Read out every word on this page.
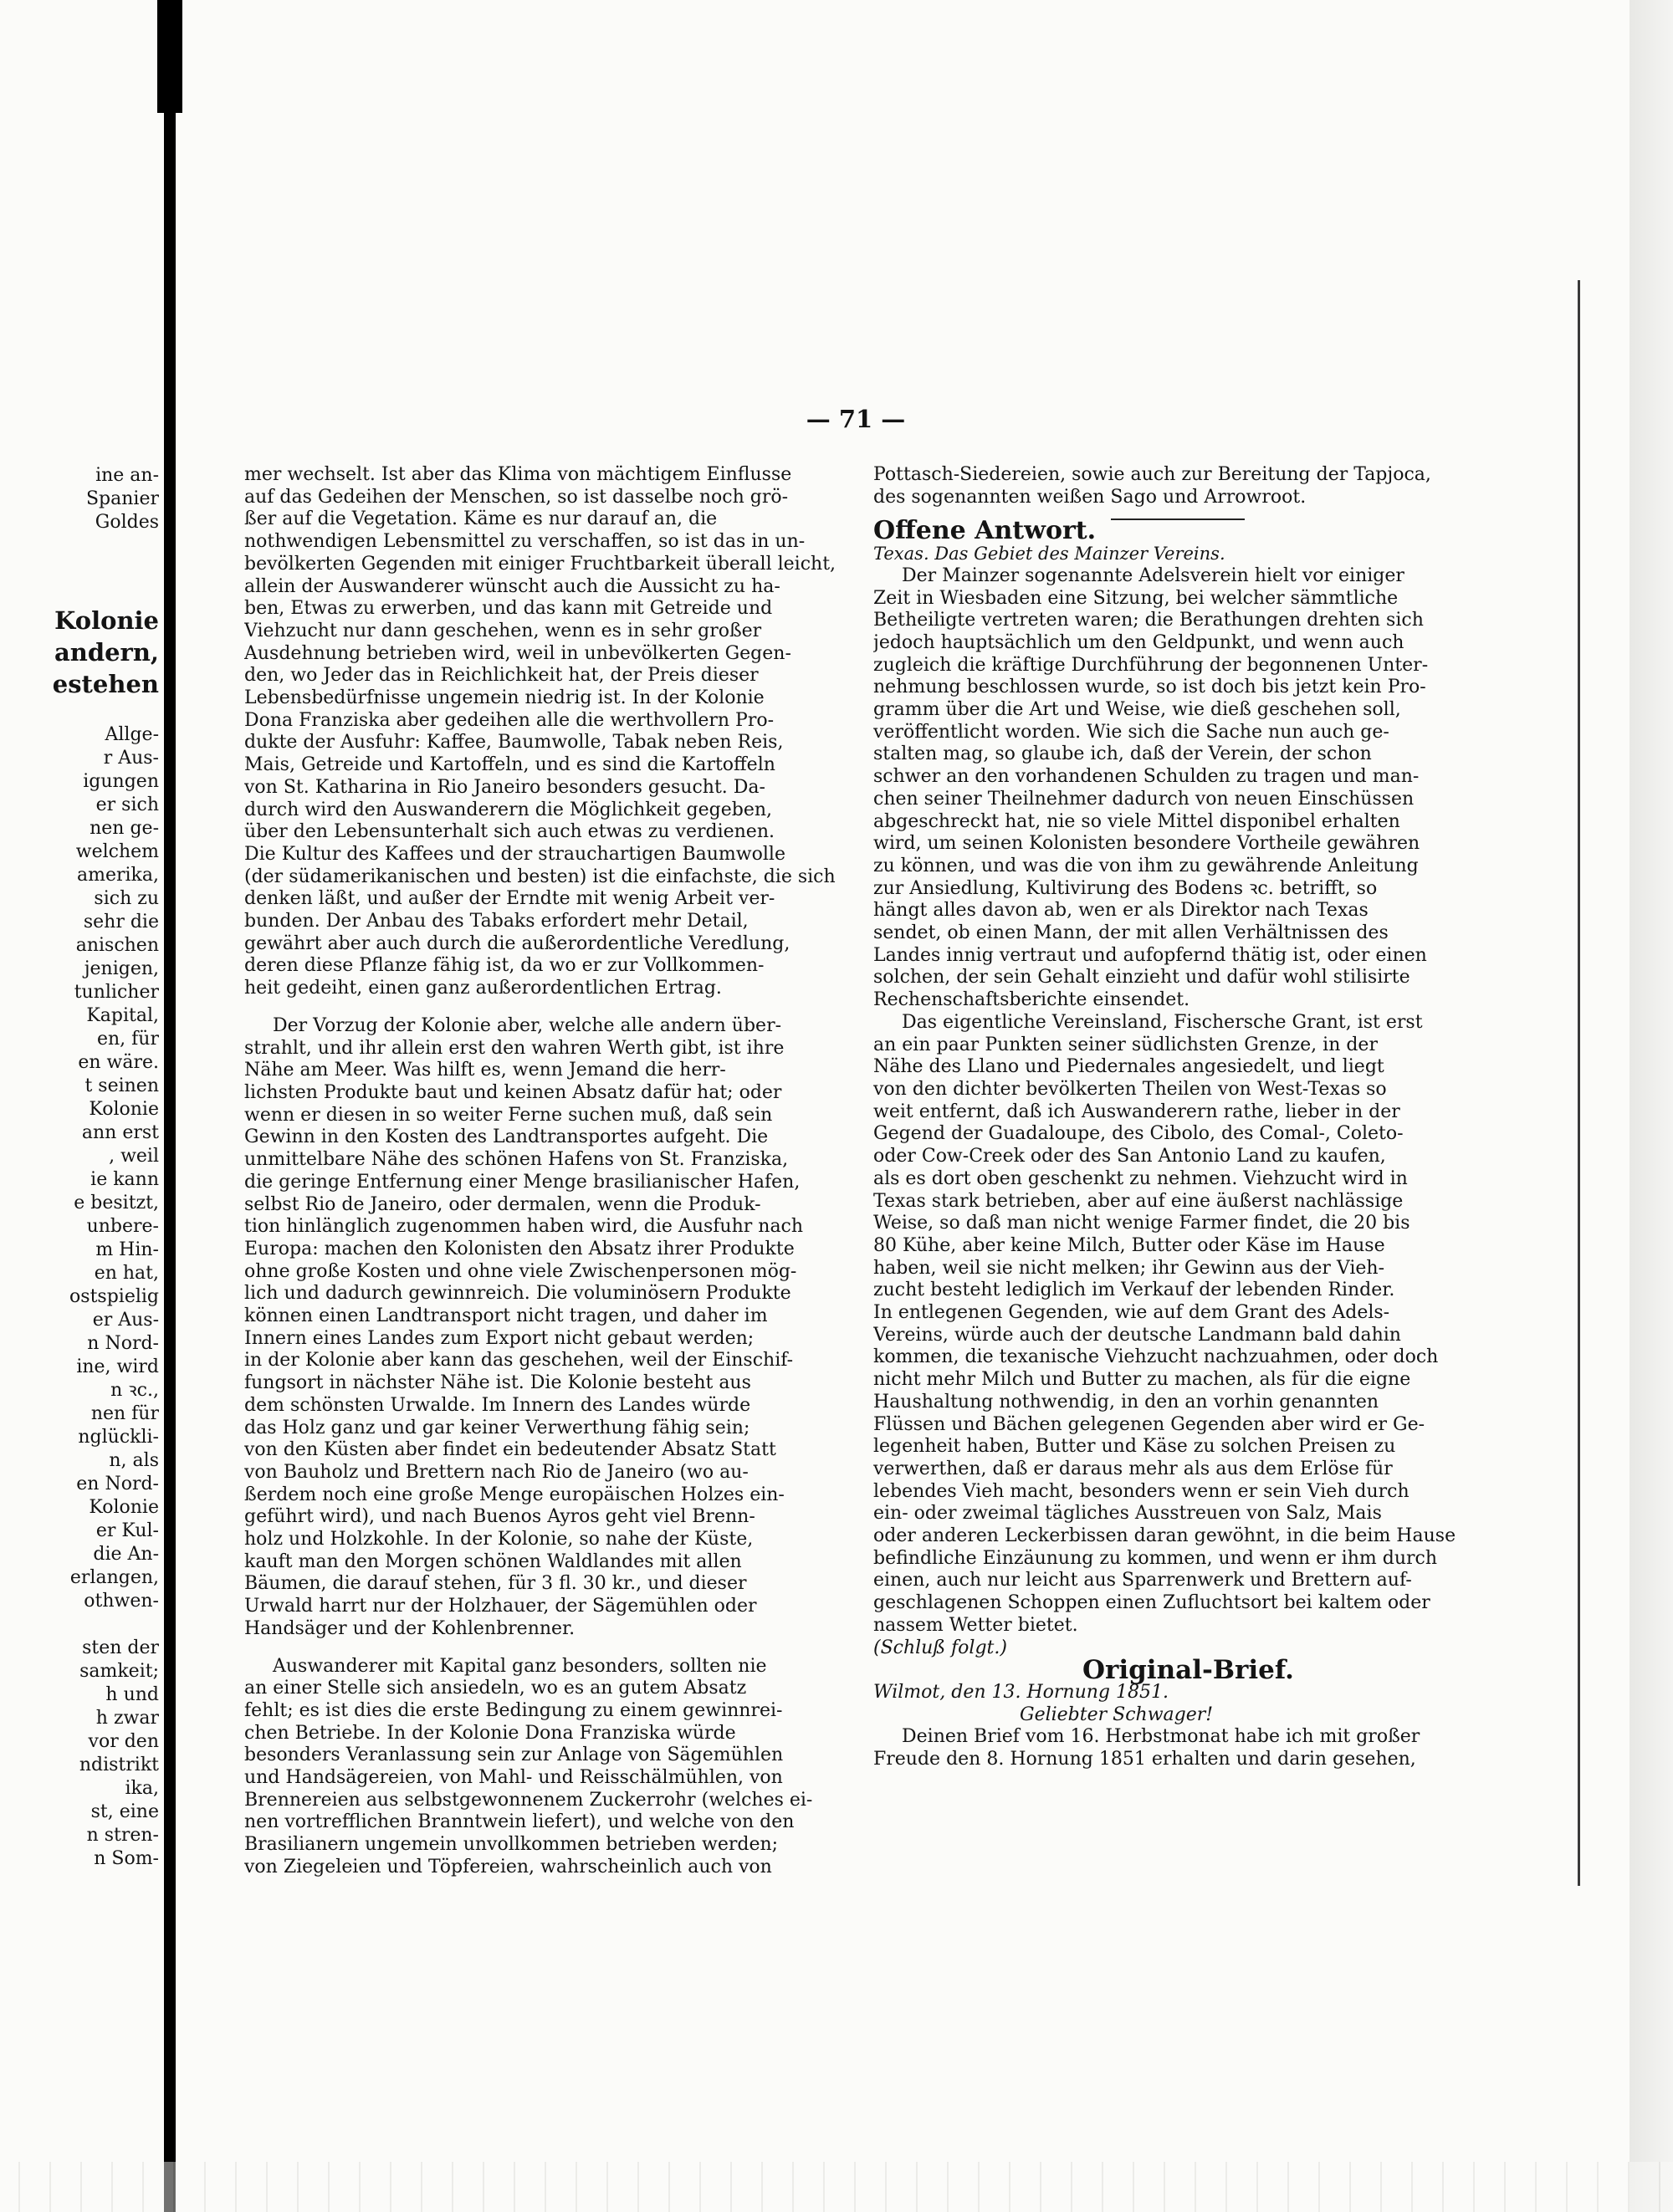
— 71 —
ine an-
Spanier
Goldes

Kolonie
andern,
estehen

Allge-
r Aus-
igungen
er sich
nen ge-
welchem
amerika,
sich zu
sehr die
anischen
jenigen,
tunlicher
Kapital,
en, für
en wäre.
t seinen
Kolonie
ann erst
, weil
ie kann
e besitzt,
unbere-
m Hin-
en hat,
ostspielig
er Aus-
n Nord-
ine, wird
n ꝛc.,
nen für
nglückli-
n, als
en Nord-
Kolonie
er Kul-
die An-
erlangen,
othwen-

sten der
samkeit;
h und
h zwar
vor den
ndistrikt
ika,
st, eine
n stren-
n Som-

mer wechselt. Ist aber das Klima von mächtigem Einflusse
auf das Gedeihen der Menschen, so ist dasselbe noch grö-
ßer auf die Vegetation. Käme es nur darauf an, die
nothwendigen Lebensmittel zu verschaffen, so ist das in un-
bevölkerten Gegenden mit einiger Fruchtbarkeit überall leicht,
allein der Auswanderer wünscht auch die Aussicht zu ha-
ben, Etwas zu erwerben, und das kann mit Getreide und
Viehzucht nur dann geschehen, wenn es in sehr großer
Ausdehnung betrieben wird, weil in unbevölkerten Gegen-
den, wo Jeder das in Reichlichkeit hat, der Preis dieser
Lebensbedürfnisse ungemein niedrig ist. In der Kolonie
Dona Franziska aber gedeihen alle die werthvollern Pro-
dukte der Ausfuhr: Kaffee, Baumwolle, Tabak neben Reis,
Mais, Getreide und Kartoffeln, und es sind die Kartoffeln
von St. Katharina in Rio Janeiro besonders gesucht. Da-
durch wird den Auswanderern die Möglichkeit gegeben,
über den Lebensunterhalt sich auch etwas zu verdienen.
Die Kultur des Kaffees und der strauchartigen Baumwolle
(der südamerikanischen und besten) ist die einfachste, die sich
denken läßt, und außer der Erndte mit wenig Arbeit ver-
bunden. Der Anbau des Tabaks erfordert mehr Detail,
gewährt aber auch durch die außerordentliche Veredlung,
deren diese Pflanze fähig ist, da wo er zur Vollkommen-
heit gedeiht, einen ganz außerordentlichen Ertrag.

Der Vorzug der Kolonie aber, welche alle andern über-
strahlt, und ihr allein erst den wahren Werth gibt, ist ihre
Nähe am Meer. Was hilft es, wenn Jemand die herr-
lichsten Produkte baut und keinen Absatz dafür hat; oder
wenn er diesen in so weiter Ferne suchen muß, daß sein
Gewinn in den Kosten des Landtransportes aufgeht. Die
unmittelbare Nähe des schönen Hafens von St. Franziska,
die geringe Entfernung einer Menge brasilianischer Hafen,
selbst Rio de Janeiro, oder dermalen, wenn die Produk-
tion hinlänglich zugenommen haben wird, die Ausfuhr nach
Europa: machen den Kolonisten den Absatz ihrer Produkte
ohne große Kosten und ohne viele Zwischenpersonen mög-
lich und dadurch gewinnreich. Die voluminösern Produkte
können einen Landtransport nicht tragen, und daher im
Innern eines Landes zum Export nicht gebaut werden;
in der Kolonie aber kann das geschehen, weil der Einschif-
fungsort in nächster Nähe ist. Die Kolonie besteht aus
dem schönsten Urwalde. Im Innern des Landes würde
das Holz ganz und gar keiner Verwerthung fähig sein;
von den Küsten aber findet ein bedeutender Absatz Statt
von Bauholz und Brettern nach Rio de Janeiro (wo au-
ßerdem noch eine große Menge europäischen Holzes ein-
geführt wird), und nach Buenos Ayros geht viel Brenn-
holz und Holzkohle. In der Kolonie, so nahe der Küste,
kauft man den Morgen schönen Waldlandes mit allen
Bäumen, die darauf stehen, für 3 fl. 30 kr., und dieser
Urwald harrt nur der Holzhauer, der Sägemühlen oder
Handsäger und der Kohlenbrenner.

Auswanderer mit Kapital ganz besonders, sollten nie
an einer Stelle sich ansiedeln, wo es an gutem Absatz
fehlt; es ist dies die erste Bedingung zu einem gewinnrei-
chen Betriebe. In der Kolonie Dona Franziska würde
besonders Veranlassung sein zur Anlage von Sägemühlen
und Handsägereien, von Mahl- und Reisschälmühlen, von
Brennereien aus selbstgewonnenem Zuckerrohr (welches ei-
nen vortrefflichen Branntwein liefert), und welche von den
Brasilianern ungemein unvollkommen betrieben werden;
von Ziegeleien und Töpfereien, wahrscheinlich auch von

Pottasch-Siedereien, sowie auch zur Bereitung der Tapjoca,
des sogenannten weißen Sago und Arrowroot.

Offene Antwort.

Texas. Das Gebiet des Mainzer Vereins.

Der Mainzer sogenannte Adelsverein hielt vor einiger
Zeit in Wiesbaden eine Sitzung, bei welcher sämmtliche
Betheiligte vertreten waren; die Berathungen drehten sich
jedoch hauptsächlich um den Geldpunkt, und wenn auch
zugleich die kräftige Durchführung der begonnenen Unter-
nehmung beschlossen wurde, so ist doch bis jetzt kein Pro-
gramm über die Art und Weise, wie dieß geschehen soll,
veröffentlicht worden. Wie sich die Sache nun auch ge-
stalten mag, so glaube ich, daß der Verein, der schon
schwer an den vorhandenen Schulden zu tragen und man-
chen seiner Theilnehmer dadurch von neuen Einschüssen
abgeschreckt hat, nie so viele Mittel disponibel erhalten
wird, um seinen Kolonisten besondere Vortheile gewähren
zu können, und was die von ihm zu gewährende Anleitung
zur Ansiedlung, Kultivirung des Bodens ꝛc. betrifft, so
hängt alles davon ab, wen er als Direktor nach Texas
sendet, ob einen Mann, der mit allen Verhältnissen des
Landes innig vertraut und aufopfernd thätig ist, oder einen
solchen, der sein Gehalt einzieht und dafür wohl stilisirte
Rechenschaftsberichte einsendet.

Das eigentliche Vereinsland, Fischersche Grant, ist erst
an ein paar Punkten seiner südlichsten Grenze, in der
Nähe des Llano und Piedernales angesiedelt, und liegt
von den dichter bevölkerten Theilen von West-Texas so
weit entfernt, daß ich Auswanderern rathe, lieber in der
Gegend der Guadaloupe, des Cibolo, des Comal-, Coleto-
oder Cow-Creek oder des San Antonio Land zu kaufen,
als es dort oben geschenkt zu nehmen. Viehzucht wird in
Texas stark betrieben, aber auf eine äußerst nachlässige
Weise, so daß man nicht wenige Farmer findet, die 20 bis
80 Kühe, aber keine Milch, Butter oder Käse im Hause
haben, weil sie nicht melken; ihr Gewinn aus der Vieh-
zucht besteht lediglich im Verkauf der lebenden Rinder.
In entlegenen Gegenden, wie auf dem Grant des Adels-
Vereins, würde auch der deutsche Landmann bald dahin
kommen, die texanische Viehzucht nachzuahmen, oder doch
nicht mehr Milch und Butter zu machen, als für die eigne
Haushaltung nothwendig, in den an vorhin genannten
Flüssen und Bächen gelegenen Gegenden aber wird er Ge-
legenheit haben, Butter und Käse zu solchen Preisen zu
verwerthen, daß er daraus mehr als aus dem Erlöse für
lebendes Vieh macht, besonders wenn er sein Vieh durch
ein- oder zweimal tägliches Ausstreuen von Salz, Mais
oder anderen Leckerbissen daran gewöhnt, in die beim Hause
befindliche Einzäunung zu kommen, und wenn er ihm durch
einen, auch nur leicht aus Sparrenwerk und Brettern auf-
geschlagenen Schoppen einen Zufluchtsort bei kaltem oder
nassem Wetter bietet.

(Schluß folgt.)

Original-Brief.

Wilmot, den 13. Hornung 1851.

Geliebter Schwager!

Deinen Brief vom 16. Herbstmonat habe ich mit großer
Freude den 8. Hornung 1851 erhalten und darin gesehen,
